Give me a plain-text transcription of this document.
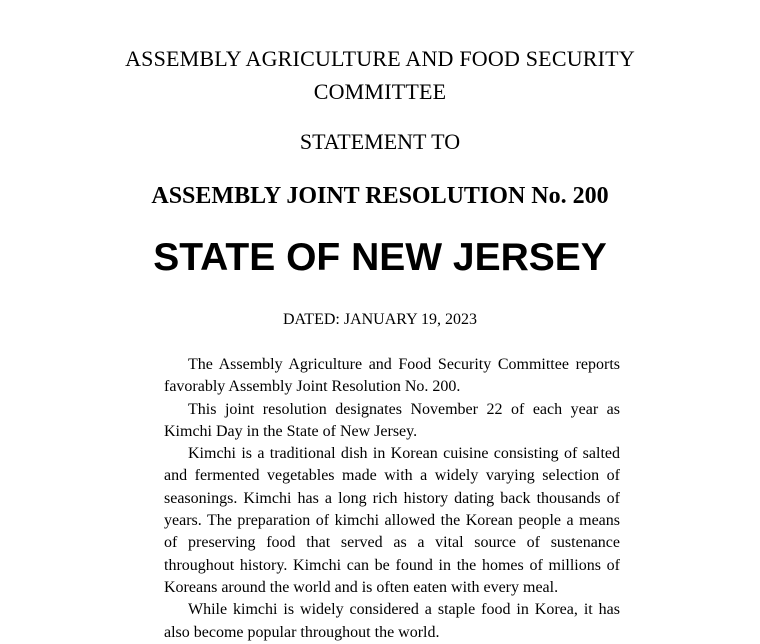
ASSEMBLY AGRICULTURE AND FOOD SECURITY
COMMITTEE
STATEMENT TO
ASSEMBLY JOINT RESOLUTION No. 200
STATE OF NEW JERSEY
DATED: JANUARY 19, 2023

The Assembly Agriculture and Food Security Committee reports favorably Assembly Joint Resolution No. 200.

This joint resolution designates November 22 of each year as Kimchi Day in the State of New Jersey.

Kimchi is a traditional dish in Korean cuisine consisting of salted and fermented vegetables made with a widely varying selection of seasonings. Kimchi has a long rich history dating back thousands of years. The preparation of kimchi allowed the Korean people a means of preserving food that served as a vital source of sustenance throughout history. Kimchi can be found in the homes of millions of Koreans around the world and is often eaten with every meal.

While kimchi is widely considered a staple food in Korea, it has also become popular throughout the world.
